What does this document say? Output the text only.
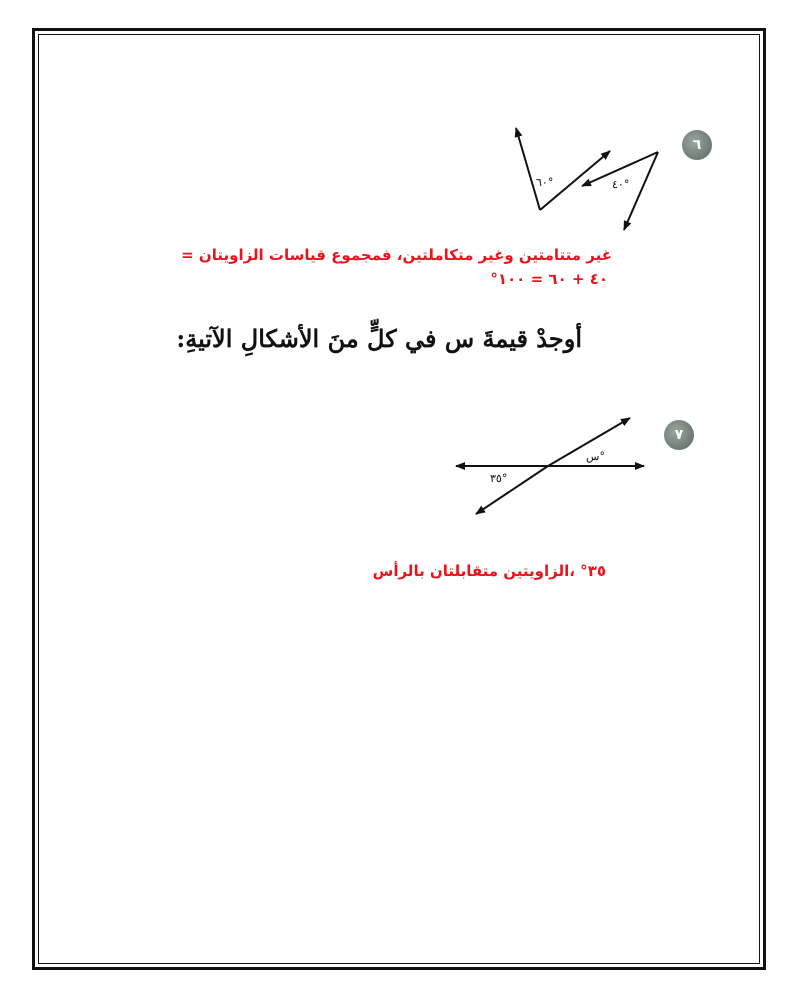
٦
٦٠°	٤٠°
غير متتامتين وغير متكاملتين، فمجموع قياسات الزاويتان =
٤٠ + ٦٠ = ١٠٠°
أوجدْ قيمةَ س في كلٍّ منَ الأشكالِ الآتيةِ:
٧
س°
٣٥°
٣٥° ،الزاويتين متقابلتان بالرأس
